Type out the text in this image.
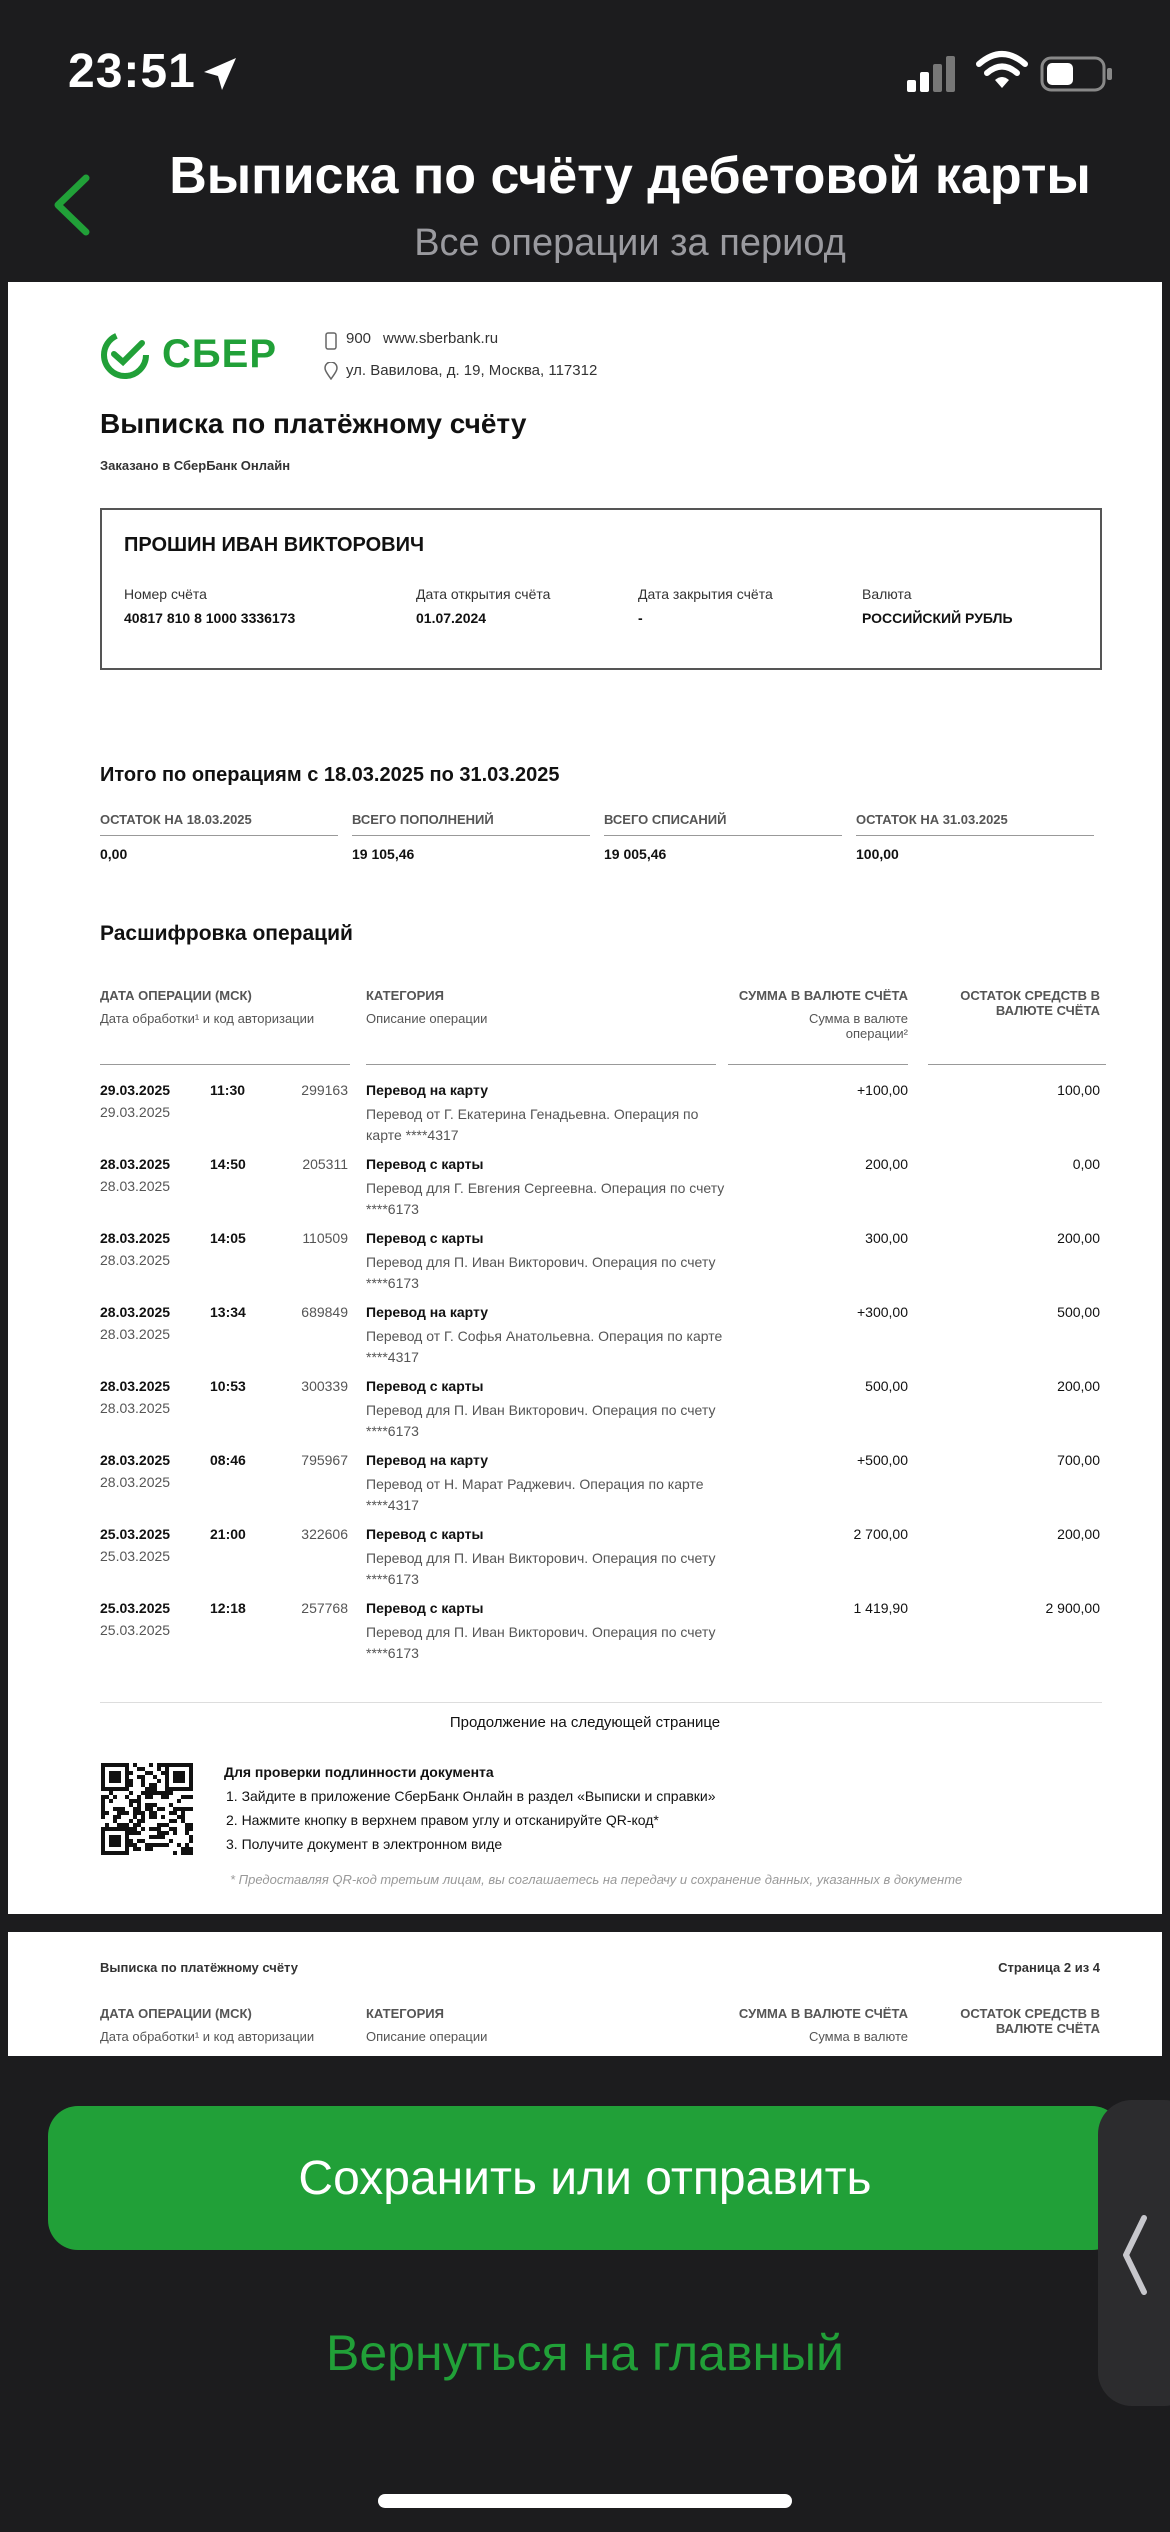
23:51
Выписка по счёту дебетовой карты
Все операции за период
СБЕР	900 www.sberbank.ru
ул. Вавилова, д. 19, Москва, 117312
Выписка по платёжному счёту
Заказано в СберБанк Онлайн
ПРОШИН ИВАН ВИКТОРОВИЧ
Номер счёта
40817 810 8 1000 3336173
Дата открытия счёта
01.07.2024
Дата закрытия счёта
-
Валюта
РОССИЙСКИЙ РУБЛЬ
Итого по операциям с 18.03.2025 по 31.03.2025
ОСТАТОК НА 18.03.2025
0,00
ВСЕГО ПОПОЛНЕНИЙ
19 105,46
ВСЕГО СПИСАНИЙ
19 005,46
ОСТАТОК НА 31.03.2025
100,00
Расшифровка операций
ДАТА ОПЕРАЦИИ (МСК)
Дата обработки¹ и код авторизации
КАТЕГОРИЯ
Описание операции
СУММА В ВАЛЮТЕ СЧЁТА
Сумма в валюте операции²
ОСТАТОК СРЕДСТВ В ВАЛЮТЕ СЧЁТА
29.03.2025
29.03.2025
11:30	299163 Перевод на карту
Перевод от Г. Екатерина Генадьевна. Операция по карте ****4317
+100,00	100,00
28.03.2025
28.03.2025
14:50	205311 Перевод с карты
Перевод для Г. Евгения Сергеевна. Операция по счету ****6173
200,00	0,00
28.03.2025
28.03.2025
14:05	110509 Перевод с карты
Перевод для П. Иван Викторович. Операция по счету ****6173
300,00	200,00
28.03.2025
28.03.2025
13:34	689849 Перевод на карту
Перевод от Г. Софья Анатольевна. Операция по карте ****4317
+300,00	500,00
28.03.2025
28.03.2025
10:53	300339 Перевод с карты
Перевод для П. Иван Викторович. Операция по счету ****6173
500,00	200,00
28.03.2025
28.03.2025
08:46	795967 Перевод на карту
Перевод от Н. Марат Раджевич. Операция по карте ****4317
+500,00	700,00
25.03.2025
25.03.2025
21:00	322606 Перевод с карты
Перевод для П. Иван Викторович. Операция по счету ****6173
2 700,00	200,00
25.03.2025
25.03.2025
12:18	257768 Перевод с карты
Перевод для П. Иван Викторович. Операция по счету ****6173
1 419,90	2 900,00
Продолжение на следующей странице
Для проверки подлинности документа
1. Зайдите в приложение СберБанк Онлайн в раздел «Выписки и справки»
2. Нажмите кнопку в верхнем правом углу и отсканируйте QR-код*
3. Получите документ в электронном виде
* Предоставляя QR-код третьим лицам, вы соглашаетесь на передачу и сохранение данных, указанных в документе
Выписка по платёжному счёту	Страница 2 из 4
ДАТА ОПЕРАЦИИ (МСК)
Дата обработки¹ и код авторизации
КАТЕГОРИЯ
Описание операции
СУММА В ВАЛЮТЕ СЧЁТА
Сумма в валюте
ОСТАТОК СРЕДСТВ В ВАЛЮТЕ СЧЁТА
Сохранить или отправить
Вернуться на главный
